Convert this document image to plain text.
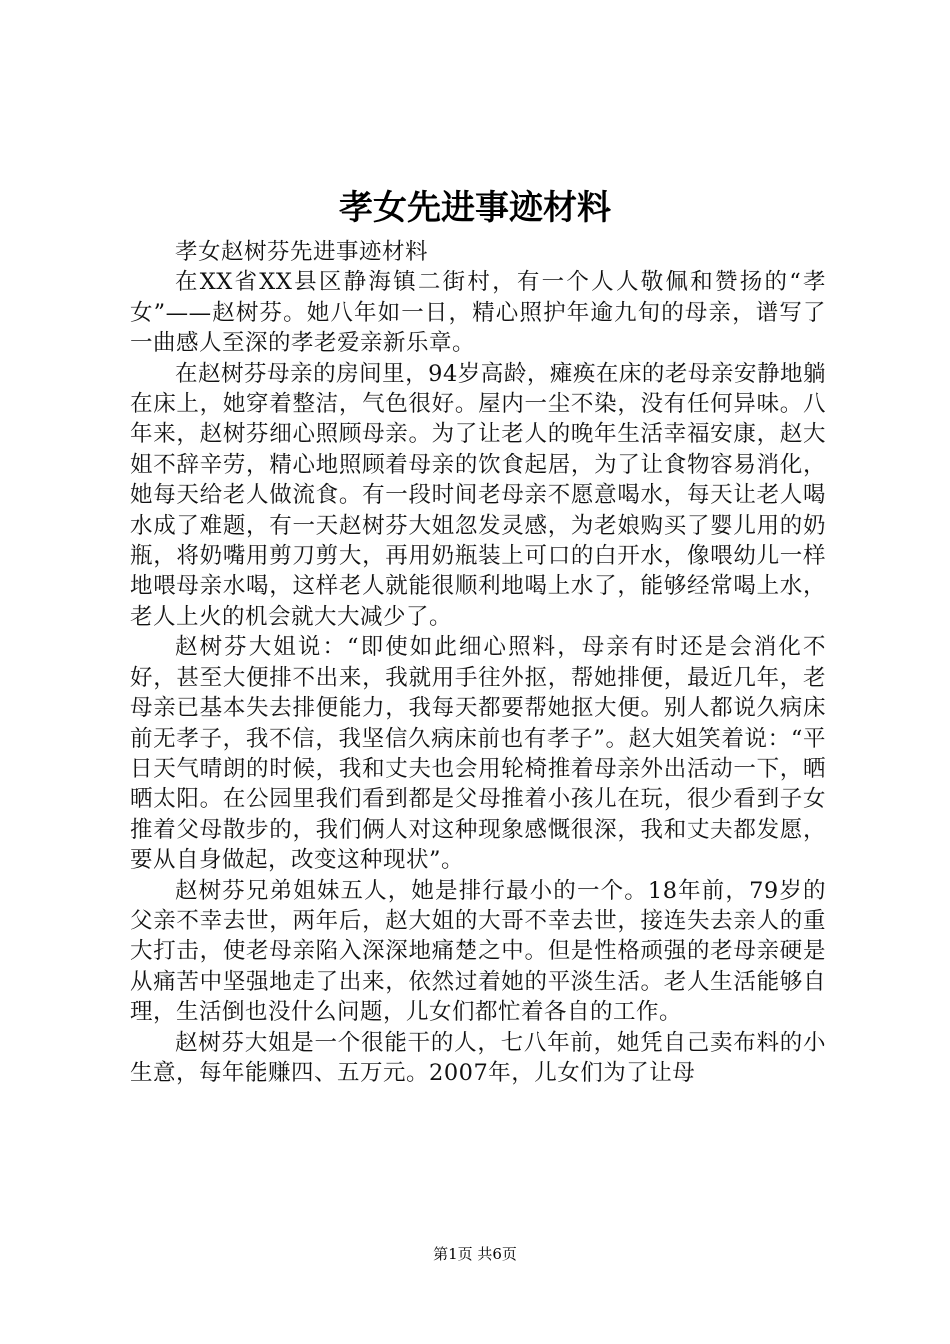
孝女先进事迹材料

孝女赵树芬先进事迹材料

在XX省XX县区静海镇二街村，有一个人人敬佩和赞扬的“孝女”——赵树芬。她八年如一日，精心照护年逾九旬的母亲，谱写了一曲感人至深的孝老爱亲新乐章。

在赵树芬母亲的房间里，94岁高龄，瘫痪在床的老母亲安静地躺在床上，她穿着整洁，气色很好。屋内一尘不染，没有任何异味。八年来，赵树芬细心照顾母亲。为了让老人的晚年生活幸福安康，赵大姐不辞辛劳，精心地照顾着母亲的饮食起居，为了让食物容易消化，她每天给老人做流食。有一段时间老母亲不愿意喝水，每天让老人喝水成了难题，有一天赵树芬大姐忽发灵感，为老娘购买了婴儿用的奶瓶，将奶嘴用剪刀剪大，再用奶瓶装上可口的白开水，像喂幼儿一样地喂母亲水喝，这样老人就能很顺利地喝上水了，能够经常喝上水，老人上火的机会就大大减少了。

赵树芬大姐说：“即使如此细心照料，母亲有时还是会消化不好，甚至大便排不出来，我就用手往外抠，帮她排便，最近几年，老母亲已基本失去排便能力，我每天都要帮她抠大便。别人都说久病床前无孝子，我不信，我坚信久病床前也有孝子”。赵大姐笑着说：“平日天气晴朗的时候，我和丈夫也会用轮椅推着母亲外出活动一下，晒晒太阳。在公园里我们看到都是父母推着小孩儿在玩，很少看到子女推着父母散步的，我们俩人对这种现象感慨很深，我和丈夫都发愿，要从自身做起，改变这种现状”。

赵树芬兄弟姐妹五人，她是排行最小的一个。18年前，79岁的父亲不幸去世，两年后，赵大姐的大哥不幸去世，接连失去亲人的重大打击，使老母亲陷入深深地痛楚之中。但是性格顽强的老母亲硬是从痛苦中坚强地走了出来，依然过着她的平淡生活。老人生活能够自理，生活倒也没什么问题，儿女们都忙着各自的工作。

赵树芬大姐是一个很能干的人，七八年前，她凭自己卖布料的小生意，每年能赚四、五万元。2007年，儿女们为了让母

第1页 共6页
